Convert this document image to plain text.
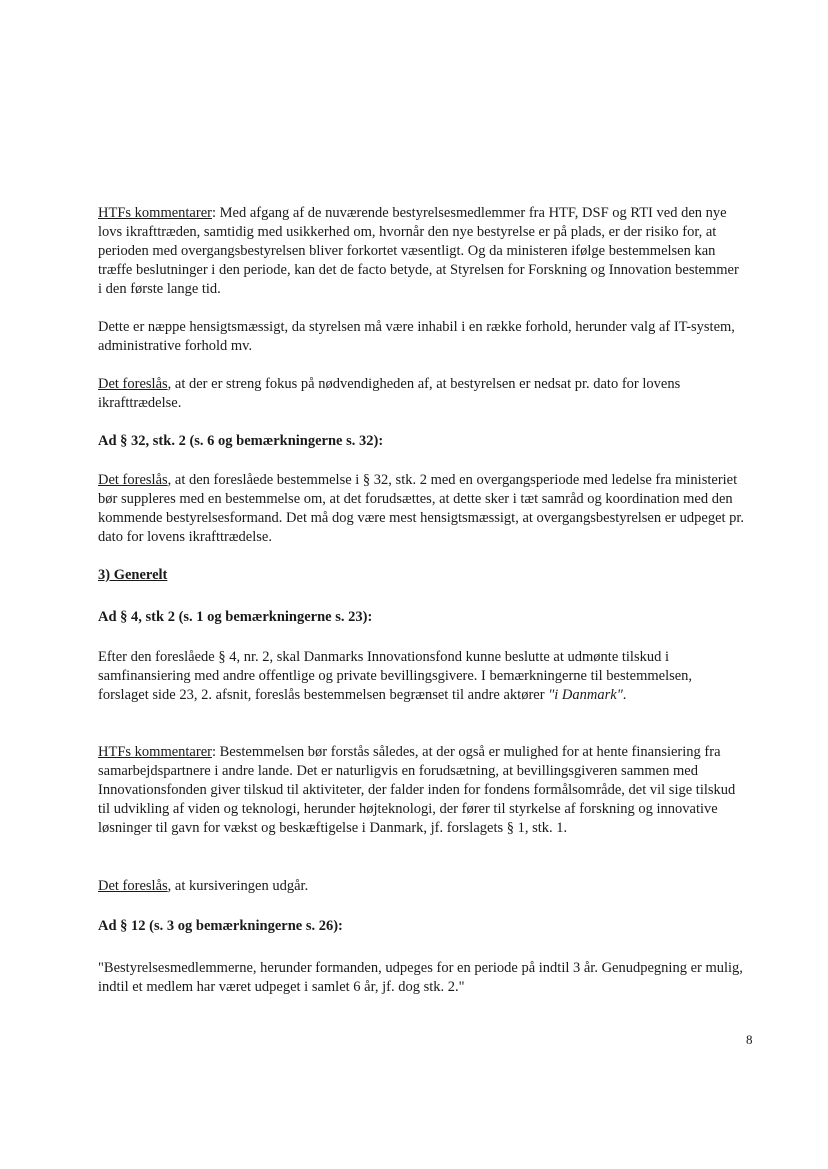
HTFs kommentarer: Med afgang af de nuværende bestyrelsesmedlemmer fra HTF, DSF og RTI ved den nye lovs ikrafttræden, samtidig med usikkerhed om, hvornår den nye bestyrelse er på plads, er der risiko for, at perioden med overgangsbestyrelsen bliver forkortet væsentligt. Og da ministeren ifølge bestemmelsen kan træffe beslutninger i den periode, kan det de facto betyde, at Styrelsen for Forskning og Innovation bestemmer i den første lange tid.

Dette er næppe hensigtsmæssigt, da styrelsen må være inhabil i en række forhold, herunder valg af IT-system, administrative forhold mv.

Det foreslås, at der er streng fokus på nødvendigheden af, at bestyrelsen er nedsat pr. dato for lovens ikrafttrædelse.

Ad § 32, stk. 2 (s. 6 og bemærkningerne s. 32):

Det foreslås, at den foreslåede bestemmelse i § 32, stk. 2 med en overgangsperiode med ledelse fra ministeriet bør suppleres med en bestemmelse om, at det forudsættes, at dette sker i tæt samråd og koordination med den kommende bestyrelsesformand. Det må dog være mest hensigtsmæssigt, at overgangsbestyrelsen er udpeget pr. dato for lovens ikrafttrædelse.

3) Generelt

Ad § 4, stk 2 (s. 1 og bemærkningerne s. 23):

Efter den foreslåede § 4, nr. 2, skal Danmarks Innovationsfond kunne beslutte at udmønte tilskud i samfinansiering med andre offentlige og private bevillingsgivere. I bemærkningerne til bestemmelsen, forslaget side 23, 2. afsnit, foreslås bestemmelsen begrænset til andre aktører "i Danmark".

HTFs kommentarer: Bestemmelsen bør forstås således, at der også er mulighed for at hente finansiering fra samarbejdspartnere i andre lande. Det er naturligvis en forudsætning, at bevillingsgiveren sammen med Innovationsfonden giver tilskud til aktiviteter, der falder inden for fondens formålsområde, det vil sige tilskud til udvikling af viden og teknologi, herunder højteknologi, der fører til styrkelse af forskning og innovative løsninger til gavn for vækst og beskæftigelse i Danmark, jf. forslagets § 1, stk. 1.

Det foreslås, at kursiveringen udgår.

Ad § 12 (s. 3 og bemærkningerne s. 26):

"Bestyrelsesmedlemmerne, herunder formanden, udpeges for en periode på indtil 3 år. Genudpegning er mulig, indtil et medlem har været udpeget i samlet 6 år, jf. dog stk. 2."

8
